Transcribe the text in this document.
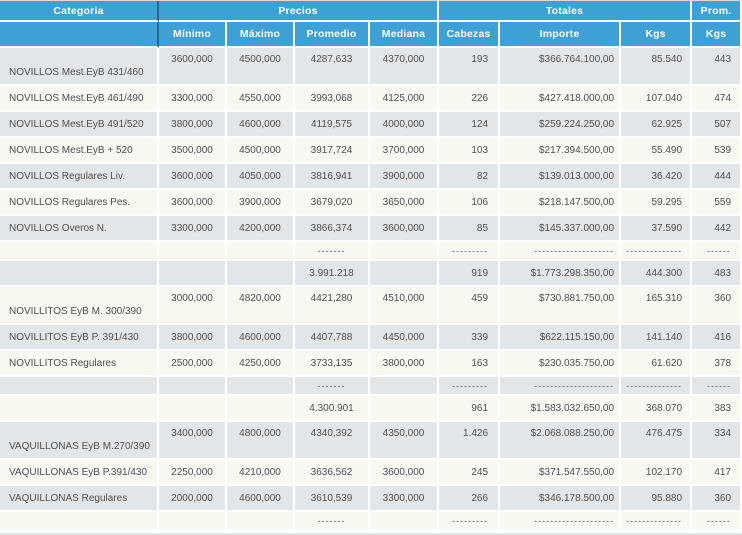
Categoria	Precios				Totales			Prom.
	Mínimo	Máximo	Promedio	Mediana	Cabezas	Importe	Kgs	Kgs
NOVILLOS Mest.EyB 431/460	3600,000	4500,000	4287,633	4370,000	193	$366.764.100,00	85.540	443
NOVILLOS Mest.EyB 461/490	3300,000	4550,000	3993,068	4125,000	226	$427.418.000,00	107.040	474
NOVILLOS Mest.EyB 491/520	3800,000	4600,000	4119,575	4000,000	124	$259.224.250,00	62.925	507
NOVILLOS Mest.EyB + 520	3500,000	4500,000	3917,724	3700,000	103	$217.394.500,00	55.490	539
NOVILLOS Regulares Liv.	3600,000	4050,000	3816,941	3900,000	82	$139.013.000,00	36.420	444
NOVILLOS Regulares Pes.	3600,000	3900,000	3679,020	3650,000	106	$218.147.500,00	59.295	559
NOVILLOS Overos N.	3300,000	4200,000	3866,374	3600,000	85	$145.337.000,00	37.590	442
			-------		---------	--------------------	--------------	------
			3.991.218		919	$1.773.298.350,00	444.300	483
NOVILLITOS EyB M. 300/390	3000,000	4820,000	4421,280	4510,000	459	$730.881.750,00	165.310	360
NOVILLITOS EyB P. 391/430	3800,000	4600,000	4407,788	4450,000	339	$622.115.150,00	141.140	416
NOVILLITOS Regulares	2500,000	4250,000	3733,135	3800,000	163	$230.035.750,00	61.620	378
			-------		---------	--------------------	--------------	------
			4.300.901		961	$1.583.032.650,00	368.070	383
VAQUILLONAS EyB M.270/390	3400,000	4800,000	4340,392	4350,000	1.426	$2.068.088.250,00	476.475	334
VAQUILLONAS EyB P.391/430	2250,000	4210,000	3636,562	3600,000	245	$371.547.550,00	102.170	417
VAQUILLONAS Regulares	2000,000	4600,000	3610,539	3300,000	266	$346.178.500,00	95.880	360
			-------		---------	--------------------	--------------	------
